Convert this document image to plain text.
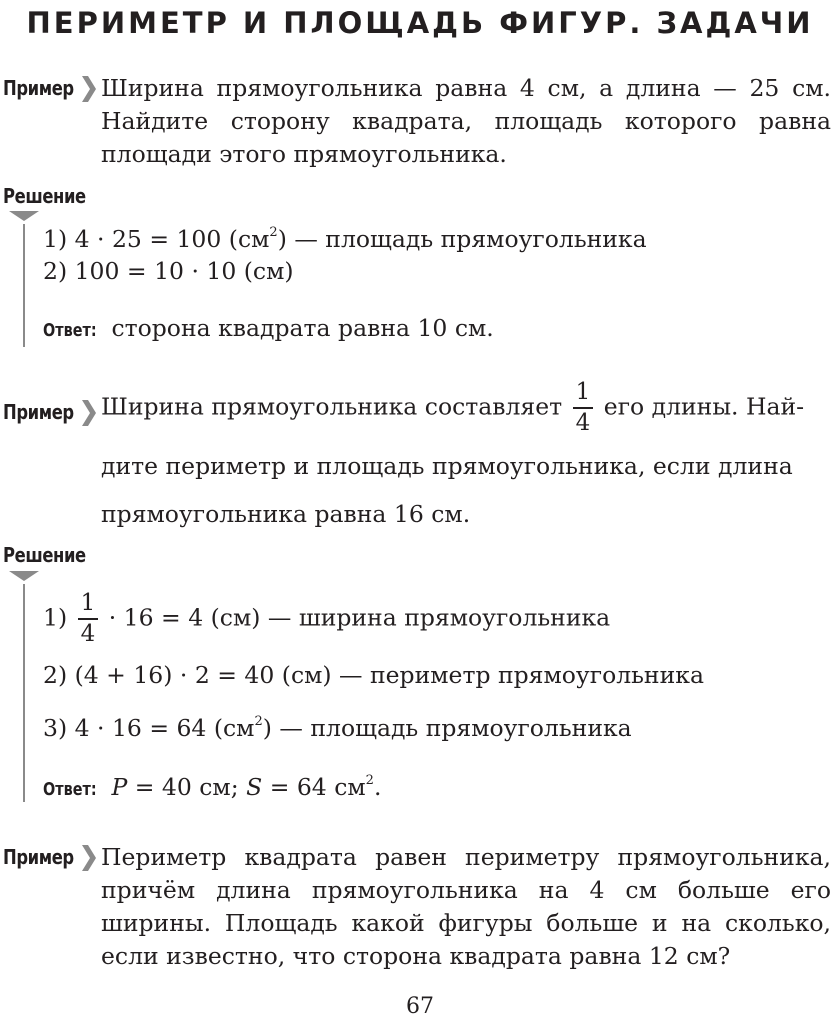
ПЕРИМЕТР И ПЛОЩАДЬ ФИГУР. ЗАДАЧИ
Пример Ширина прямоугольника равна 4 см, а длина — 25 см. Найдите сторону квадрата, площадь которого равна площади этого прямоугольника.

Решение
1) 4 · 25 = 100 $(см^2)$ — площадь прямоугольника
2) 100 = 10 · 10 (см)
Ответ: сторона квадрата равна 10 см.
Пример Ширина прямоугольника составляет $\frac{1}{4}$ его длины. Най-
дите периметр и площадь прямоугольника, если длина
прямоугольника равна 16 см.
Решение
$1) \frac{1}{4} \cdot 16 = 4$ (см) — ширина прямоугольника
2) (4 + 16) · 2 = 40 (см) — периметр прямоугольника
3) 4 · 16 = 64 $(см^2)$ — площадь прямоугольника
Ответ: P = 40 см; S = 64 $см^2$.
Пример Периметр квадрата равен периметру прямоугольника, причём длина прямоугольника на 4 см больше его ширины. Площадь какой фигуры больше и на сколько, если известно, что сторона квадрата равна 12 см?

67
